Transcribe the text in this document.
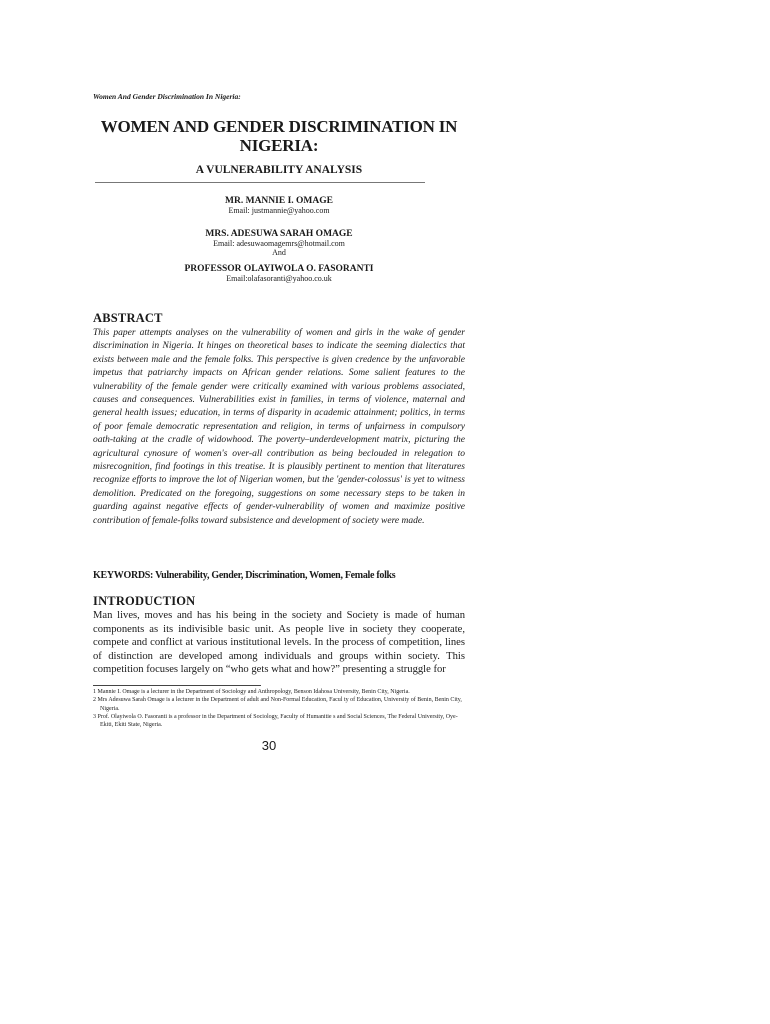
Women And Gender Discrimination In Nigeria:
WOMEN AND GENDER DISCRIMINATION IN
NIGERIA:
A VULNERABILITY ANALYSIS
MR. MANNIE I. OMAGE
Email: justmannie@yahoo.com
MRS. ADESUWA SARAH OMAGE
Email: adesuwaomagemrs@hotmail.com
And
PROFESSOR OLAYIWOLA O. FASORANTI
Email:olafasoranti@yahoo.co.uk
ABSTRACT

This paper attempts analyses on the vulnerability of women and girls in the wake of gender discrimination in Nigeria. It hinges on theoretical bases to indicate the seeming dialectics that exists between male and the female folks. This perspective is given credence by the unfavorable impetus that patriarchy impacts on African gender relations. Some salient features to the vulnerability of the female gender were critically examined with various problems associated, causes and consequences. Vulnerabilities exist in families, in terms of violence, maternal and general health issues; education, in terms of disparity in academic attainment; politics, in terms of poor female democratic representation and religion, in terms of unfairness in compulsory oath-taking at the cradle of widowhood. The poverty–underdevelopment matrix, picturing the agricultural cynosure of women's over-all contribution as being beclouded in relegation to misrecognition, find footings in this treatise. It is plausibly pertinent to mention that literatures recognize efforts to improve the lot of Nigerian women, but the 'gender-colossus' is yet to witness demolition. Predicated on the foregoing, suggestions on some necessary steps to be taken in guarding against negative effects of gender-vulnerability of women and maximize positive contribution of female-folks toward subsistence and development of society were made.

KEYWORDS: Vulnerability, Gender, Discrimination, Women, Female folks
INTRODUCTION

Man lives, moves and has his being in the society and Society is made of human components as its indivisible basic unit. As people live in society they cooperate, compete and conflict at various institutional levels. In the process of competition, lines of distinction are developed among individuals and groups within society. This competition focuses largely on “who gets what and how?” presenting a struggle for

1 Mannie I. Omage is a lecturer in the Department of Sociology and Anthropology, Benson Idahosa University, Benin City, Nigeria.
2 Mrs Adesuwa Sarah Omage is a lecturer in the Department of adult and Non-Formal Education, Facul ty of Education, University of Benin, Benin City, Nigeria.
3 Prof. Olayiwola O. Fasoranti is a professor in the Department of Sociology, Faculty of Humanitie s and Social Sciences, The Federal University, Oye-Ekiti, Ekiti State, Nigeria.
30
